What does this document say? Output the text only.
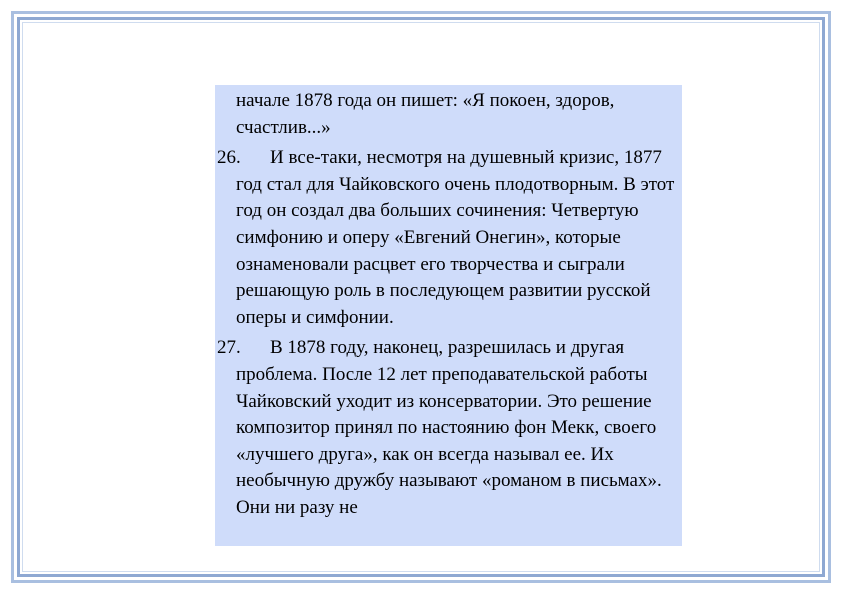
начале 1878 года он пишет: «Я покоен, здоров, счастлив...»

26. И все-таки, несмотря на душевный кризис, 1877 год стал для Чайковского очень плодотворным. В этот год он создал два больших сочинения: Четвертую симфонию и оперу «Евгений Онегин», которые ознаменовали расцвет его творчества и сыграли решающую роль в последующем развитии русской оперы и симфонии.

27. В 1878 году, наконец, разрешилась и другая проблема. После 12 лет преподавательской работы Чайковский уходит из консерватории. Это решение композитор принял по настоянию фон Мекк, своего «лучшего друга», как он всегда называл ее. Их необычную дружбу называют «романом в письмах». Они ни разу не
